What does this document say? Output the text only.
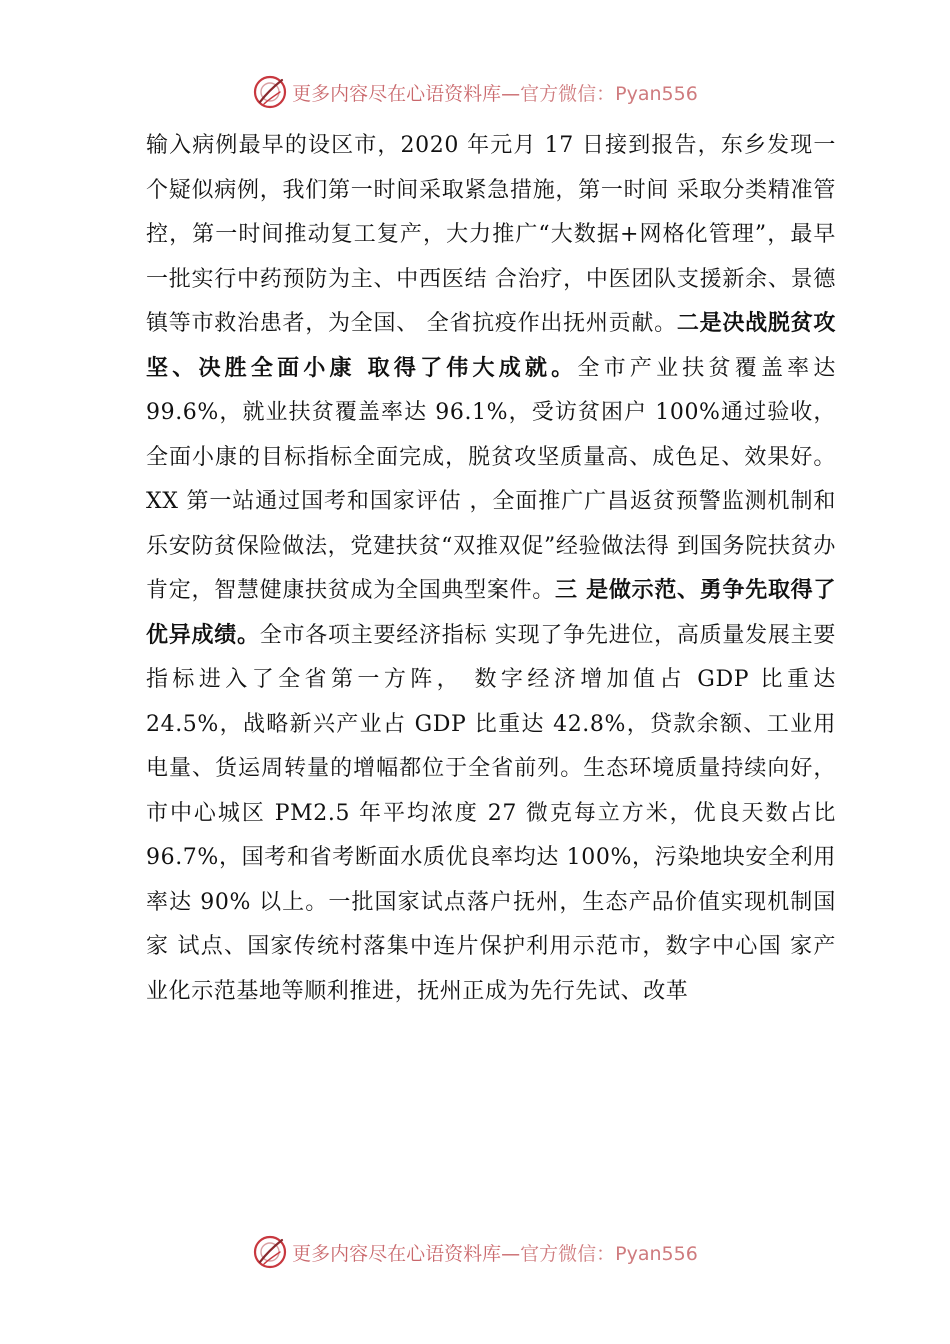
更多内容尽在心语资料库—官方微信：Pyan556

输入病例最早的设区市，2020 年元月 17 日接到报告，东乡发现一个疑似病例，我们第一时间采取紧急措施，第一时间 采取分类精准管控，第一时间推动复工复产，大力推广“大数据+网格化管理”，最早一批实行中药预防为主、中西医结 合治疗，中医团队支援新余、景德镇等市救治患者，为全国、 全省抗疫作出抚州贡献。二是决战脱贫攻坚、决胜全面小康 取得了伟大成就。全市产业扶贫覆盖率达 99.6%，就业扶贫覆盖率达 96.1%，受访贫困户 100%通过验收，全面小康的目标指标全面完成，脱贫攻坚质量高、成色足、效果好。XX 第一站通过国考和国家评估 ，全面推广广昌返贫预警监测机制和乐安防贫保险做法，党建扶贫“双推双促”经验做法得 到国务院扶贫办肯定，智慧健康扶贫成为全国典型案件。三 是做示范、勇争先取得了优异成绩。全市各项主要经济指标 实现了争先进位，高质量发展主要指标进入了全省第一方阵， 数字经济增加值占 GDP 比重达 24.5%，战略新兴产业占 GDP 比重达 42.8%，贷款余额、工业用电量、货运周转量的增幅都位于全省前列。生态环境质量持续向好，市中心城区 PM2.5 年平均浓度 27 微克每立方米，优良天数占比 96.7%，国考和省考断面水质优良率均达 100%，污染地块安全利用率达 90% 以上。一批国家试点落户抚州，生态产品价值实现机制国家 试点、国家传统村落集中连片保护利用示范市，数字中心国 家产业化示范基地等顺利推进，抚州正成为先行先试、改革

更多内容尽在心语资料库—官方微信：Pyan556
